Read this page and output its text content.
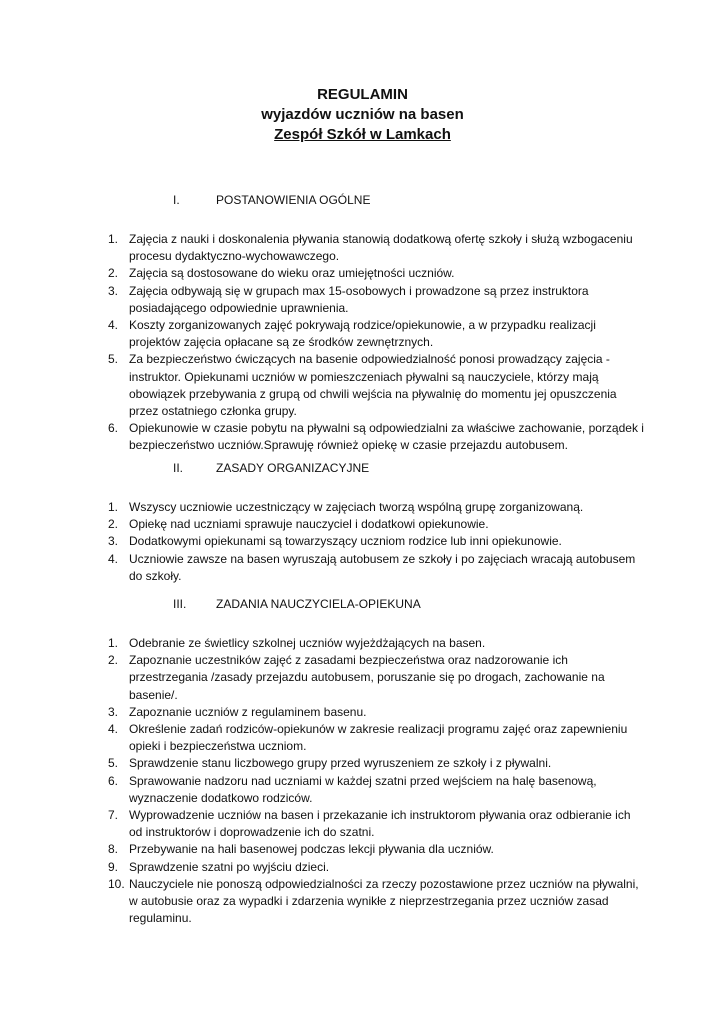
REGULAMIN
wyjazdów uczniów na basen
Zespół Szkół w Lamkach
I.	POSTANOWIENIA OGÓLNE
1. Zajęcia z nauki i doskonalenia pływania stanowią dodatkową ofertę szkoły i służą wzbogaceniu procesu dydaktyczno-wychowawczego.
2. Zajęcia są dostosowane do wieku oraz umiejętności uczniów.
3. Zajęcia odbywają się w grupach max 15-osobowych i prowadzone są przez instruktora posiadającego odpowiednie uprawnienia.
4. Koszty zorganizowanych zajęć pokrywają rodzice/opiekunowie, a w przypadku realizacji projektów zajęcia opłacane są ze środków zewnętrznych.
5. Za bezpieczeństwo ćwiczących na basenie odpowiedzialność ponosi prowadzący zajęcia - instruktor. Opiekunami uczniów w pomieszczeniach pływalni są nauczyciele, którzy mają obowiązek przebywania z grupą od chwili wejścia na pływalnię do momentu jej opuszczenia przez ostatniego członka grupy.
6. Opiekunowie w czasie pobytu na pływalni są odpowiedzialni za właściwe zachowanie, porządek i bezpieczeństwo uczniów.Sprawuję również opiekę w czasie przejazdu autobusem.
II.	ZASADY ORGANIZACYJNE
1. Wszyscy uczniowie uczestniczący w zajęciach tworzą wspólną grupę zorganizowaną.
2. Opiekę nad uczniami sprawuje nauczyciel i dodatkowi opiekunowie.
3. Dodatkowymi opiekunami są towarzyszący uczniom rodzice lub inni opiekunowie.
4. Uczniowie zawsze na basen wyruszają autobusem ze szkoły i po zajęciach wracają autobusem do szkoły.
III. ZADANIA NAUCZYCIELA-OPIEKUNA
1. Odebranie ze świetlicy szkolnej uczniów wyjeżdżających na basen.
2. Zapoznanie uczestników zajęć z zasadami bezpieczeństwa oraz nadzorowanie ich przestrzegania /zasady przejazdu autobusem, poruszanie się po drogach, zachowanie na basenie/.
3. Zapoznanie uczniów z regulaminem basenu.
4. Określenie zadań rodziców-opiekunów w zakresie realizacji programu zajęć oraz zapewnieniu opieki i bezpieczeństwa uczniom.
5. Sprawdzenie stanu liczbowego grupy przed wyruszeniem ze szkoły i z pływalni.
6. Sprawowanie nadzoru nad uczniami w każdej szatni przed wejściem na halę basenową, wyznaczenie dodatkowo rodziców.
7. Wyprowadzenie uczniów na basen i przekazanie ich instruktorom pływania oraz odbieranie ich od instruktorów i doprowadzenie ich do szatni.
8. Przebywanie na hali basenowej podczas lekcji pływania dla uczniów.
9. Sprawdzenie szatni po wyjściu dzieci.
10. Nauczyciele nie ponoszą odpowiedzialności za rzeczy pozostawione przez uczniów na pływalni, w autobusie oraz za wypadki i zdarzenia wynikłe z nieprzestrzegania przez uczniów zasad regulaminu.
